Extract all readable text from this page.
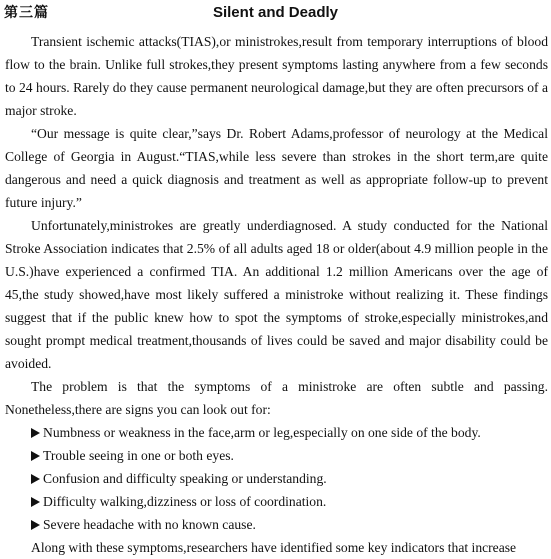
第三篇	Silent and Deadly

Transient ischemic attacks(TIAS),or ministrokes,result from temporary interruptions of blood flow to the brain. Unlike full strokes,they present symptoms lasting anywhere from a few seconds to 24 hours. Rarely do they cause permanent neurological damage,but they are often precursors of a major stroke.

“Our message is quite clear,”says Dr. Robert Adams,professor of neurology at the Medical College of Georgia in August.“TIAS,while less severe than strokes in the short term,are quite dangerous and need a quick diagnosis and treatment as well as appropriate follow-up to prevent future injury.”

Unfortunately,ministrokes are greatly underdiagnosed. A study conducted for the National Stroke Association indicates that 2.5% of all adults aged 18 or older(about 4.9 million people in the U.S.)have experienced a confirmed TIA. An additional 1.2 million Americans over the age of 45,the study showed,have most likely suffered a ministroke without realizing it. These findings suggest that if the public knew how to spot the symptoms of stroke,especially ministrokes,and sought prompt medical treatment,thousands of lives could be saved and major disability could be avoided.

The problem is that the symptoms of a ministroke are often subtle and passing. Nonetheless,there are signs you can look out for:

Numbness or weakness in the face,arm or leg,especially on one side of the body.
Trouble seeing in one or both eyes.
Confusion and difficulty speaking or understanding.
Difficulty walking,dizziness or loss of coordination.
Severe headache with no known cause.

Along with these symptoms,researchers have identified some key indicators that increase
